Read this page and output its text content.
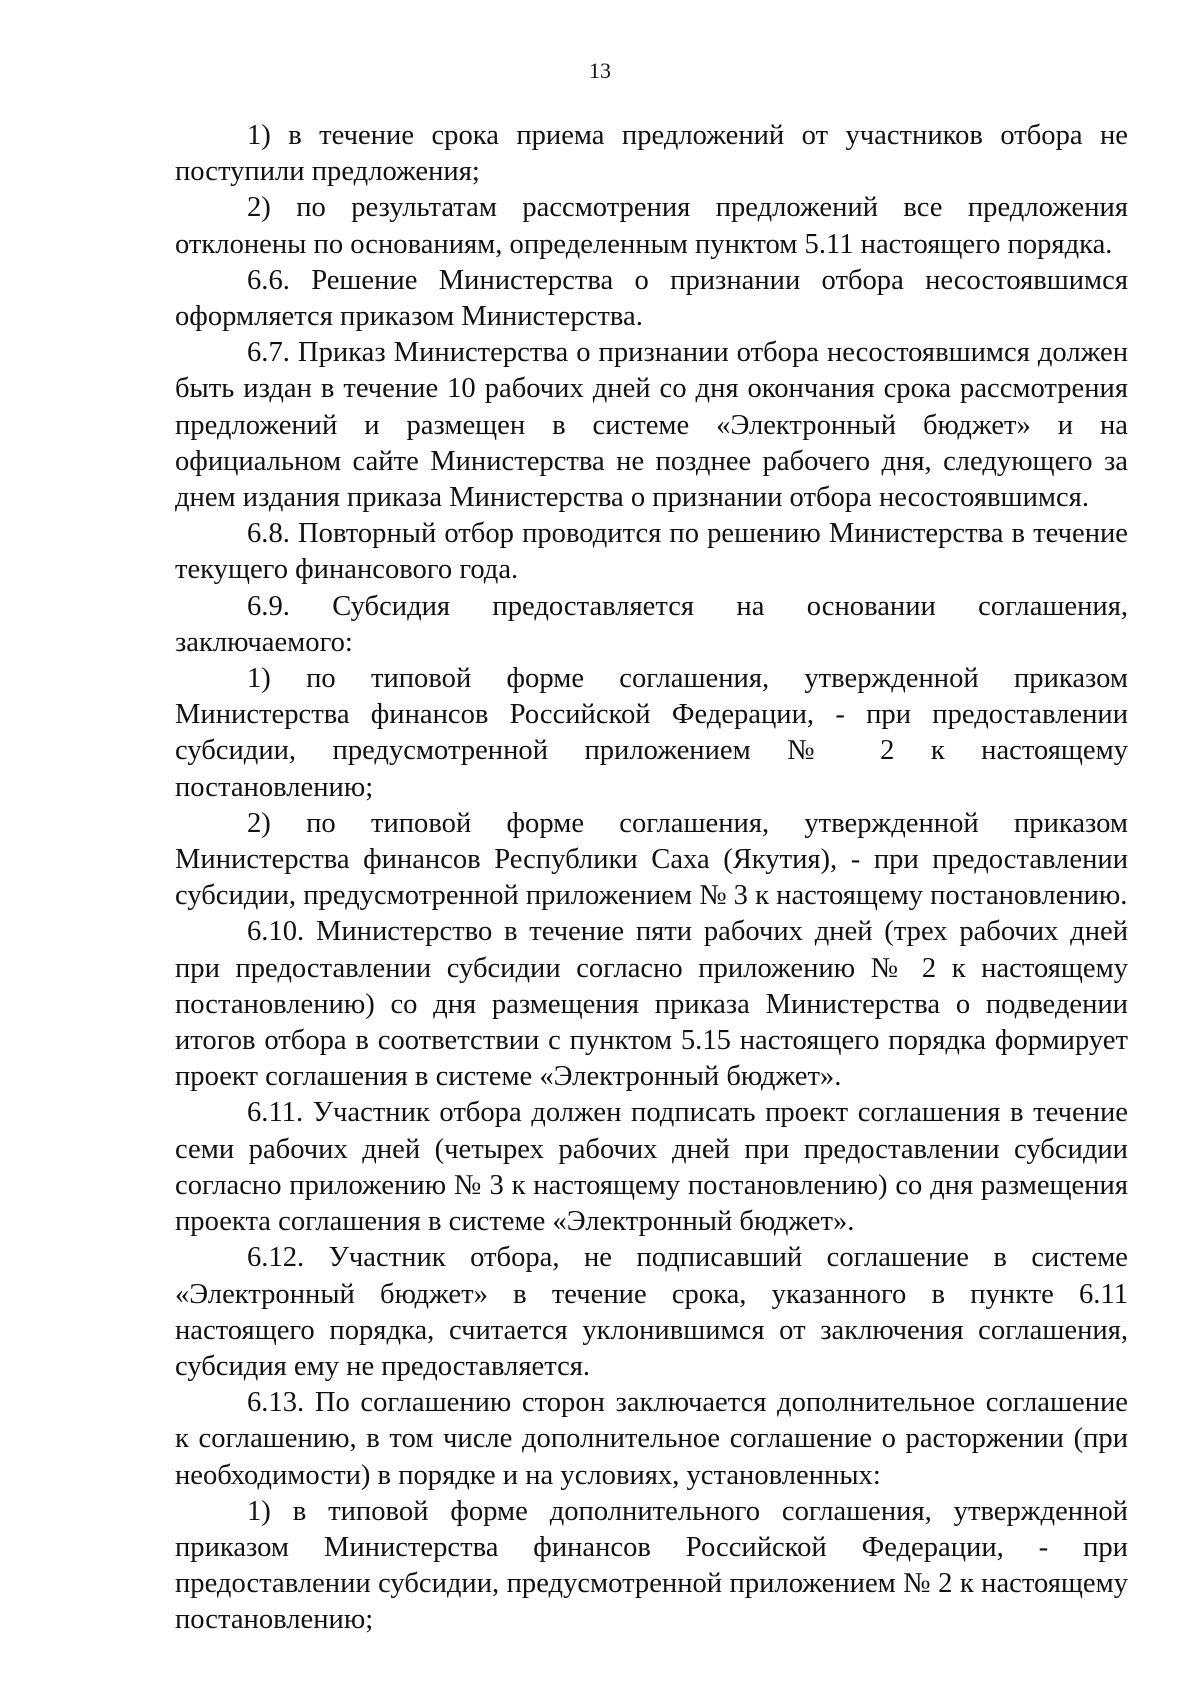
13

1) в течение срока приема предложений от участников отбора не поступили предложения;

2) по результатам рассмотрения предложений все предложения отклонены по основаниям, определенным пунктом 5.11 настоящего порядка.

6.6. Решение Министерства о признании отбора несостоявшимся оформляется приказом Министерства.

6.7. Приказ Министерства о признании отбора несостоявшимся должен быть издан в течение 10 рабочих дней со дня окончания срока рассмотрения предложений и размещен в системе «Электронный бюджет» и на официальном сайте Министерства не позднее рабочего дня, следующего за днем издания приказа Министерства о признании отбора несостоявшимся.

6.8. Повторный отбор проводится по решению Министерства в течение текущего финансового года.

6.9. Субсидия предоставляется на основании соглашения, заключаемого:

1) по типовой форме соглашения, утвержденной приказом Министерства финансов Российской Федерации, - при предоставлении субсидии, предусмотренной приложением № 2 к настоящему постановлению;

2) по типовой форме соглашения, утвержденной приказом Министерства финансов Республики Саха (Якутия), - при предоставлении субсидии, предусмотренной приложением № 3 к настоящему постановлению.

6.10. Министерство в течение пяти рабочих дней (трех рабочих дней при предоставлении субсидии согласно приложению № 2 к настоящему постановлению) со дня размещения приказа Министерства о подведении итогов отбора в соответствии с пунктом 5.15 настоящего порядка формирует проект соглашения в системе «Электронный бюджет».

6.11. Участник отбора должен подписать проект соглашения в течение семи рабочих дней (четырех рабочих дней при предоставлении субсидии согласно приложению № 3 к настоящему постановлению) со дня размещения проекта соглашения в системе «Электронный бюджет».

6.12. Участник отбора, не подписавший соглашение в системе «Электронный бюджет» в течение срока, указанного в пункте 6.11 настоящего порядка, считается уклонившимся от заключения соглашения, субсидия ему не предоставляется.

6.13. По соглашению сторон заключается дополнительное соглашение к соглашению, в том числе дополнительное соглашение о расторжении (при необходимости) в порядке и на условиях, установленных:

1) в типовой форме дополнительного соглашения, утвержденной приказом Министерства финансов Российской Федерации, - при предоставлении субсидии, предусмотренной приложением № 2 к настоящему постановлению;
